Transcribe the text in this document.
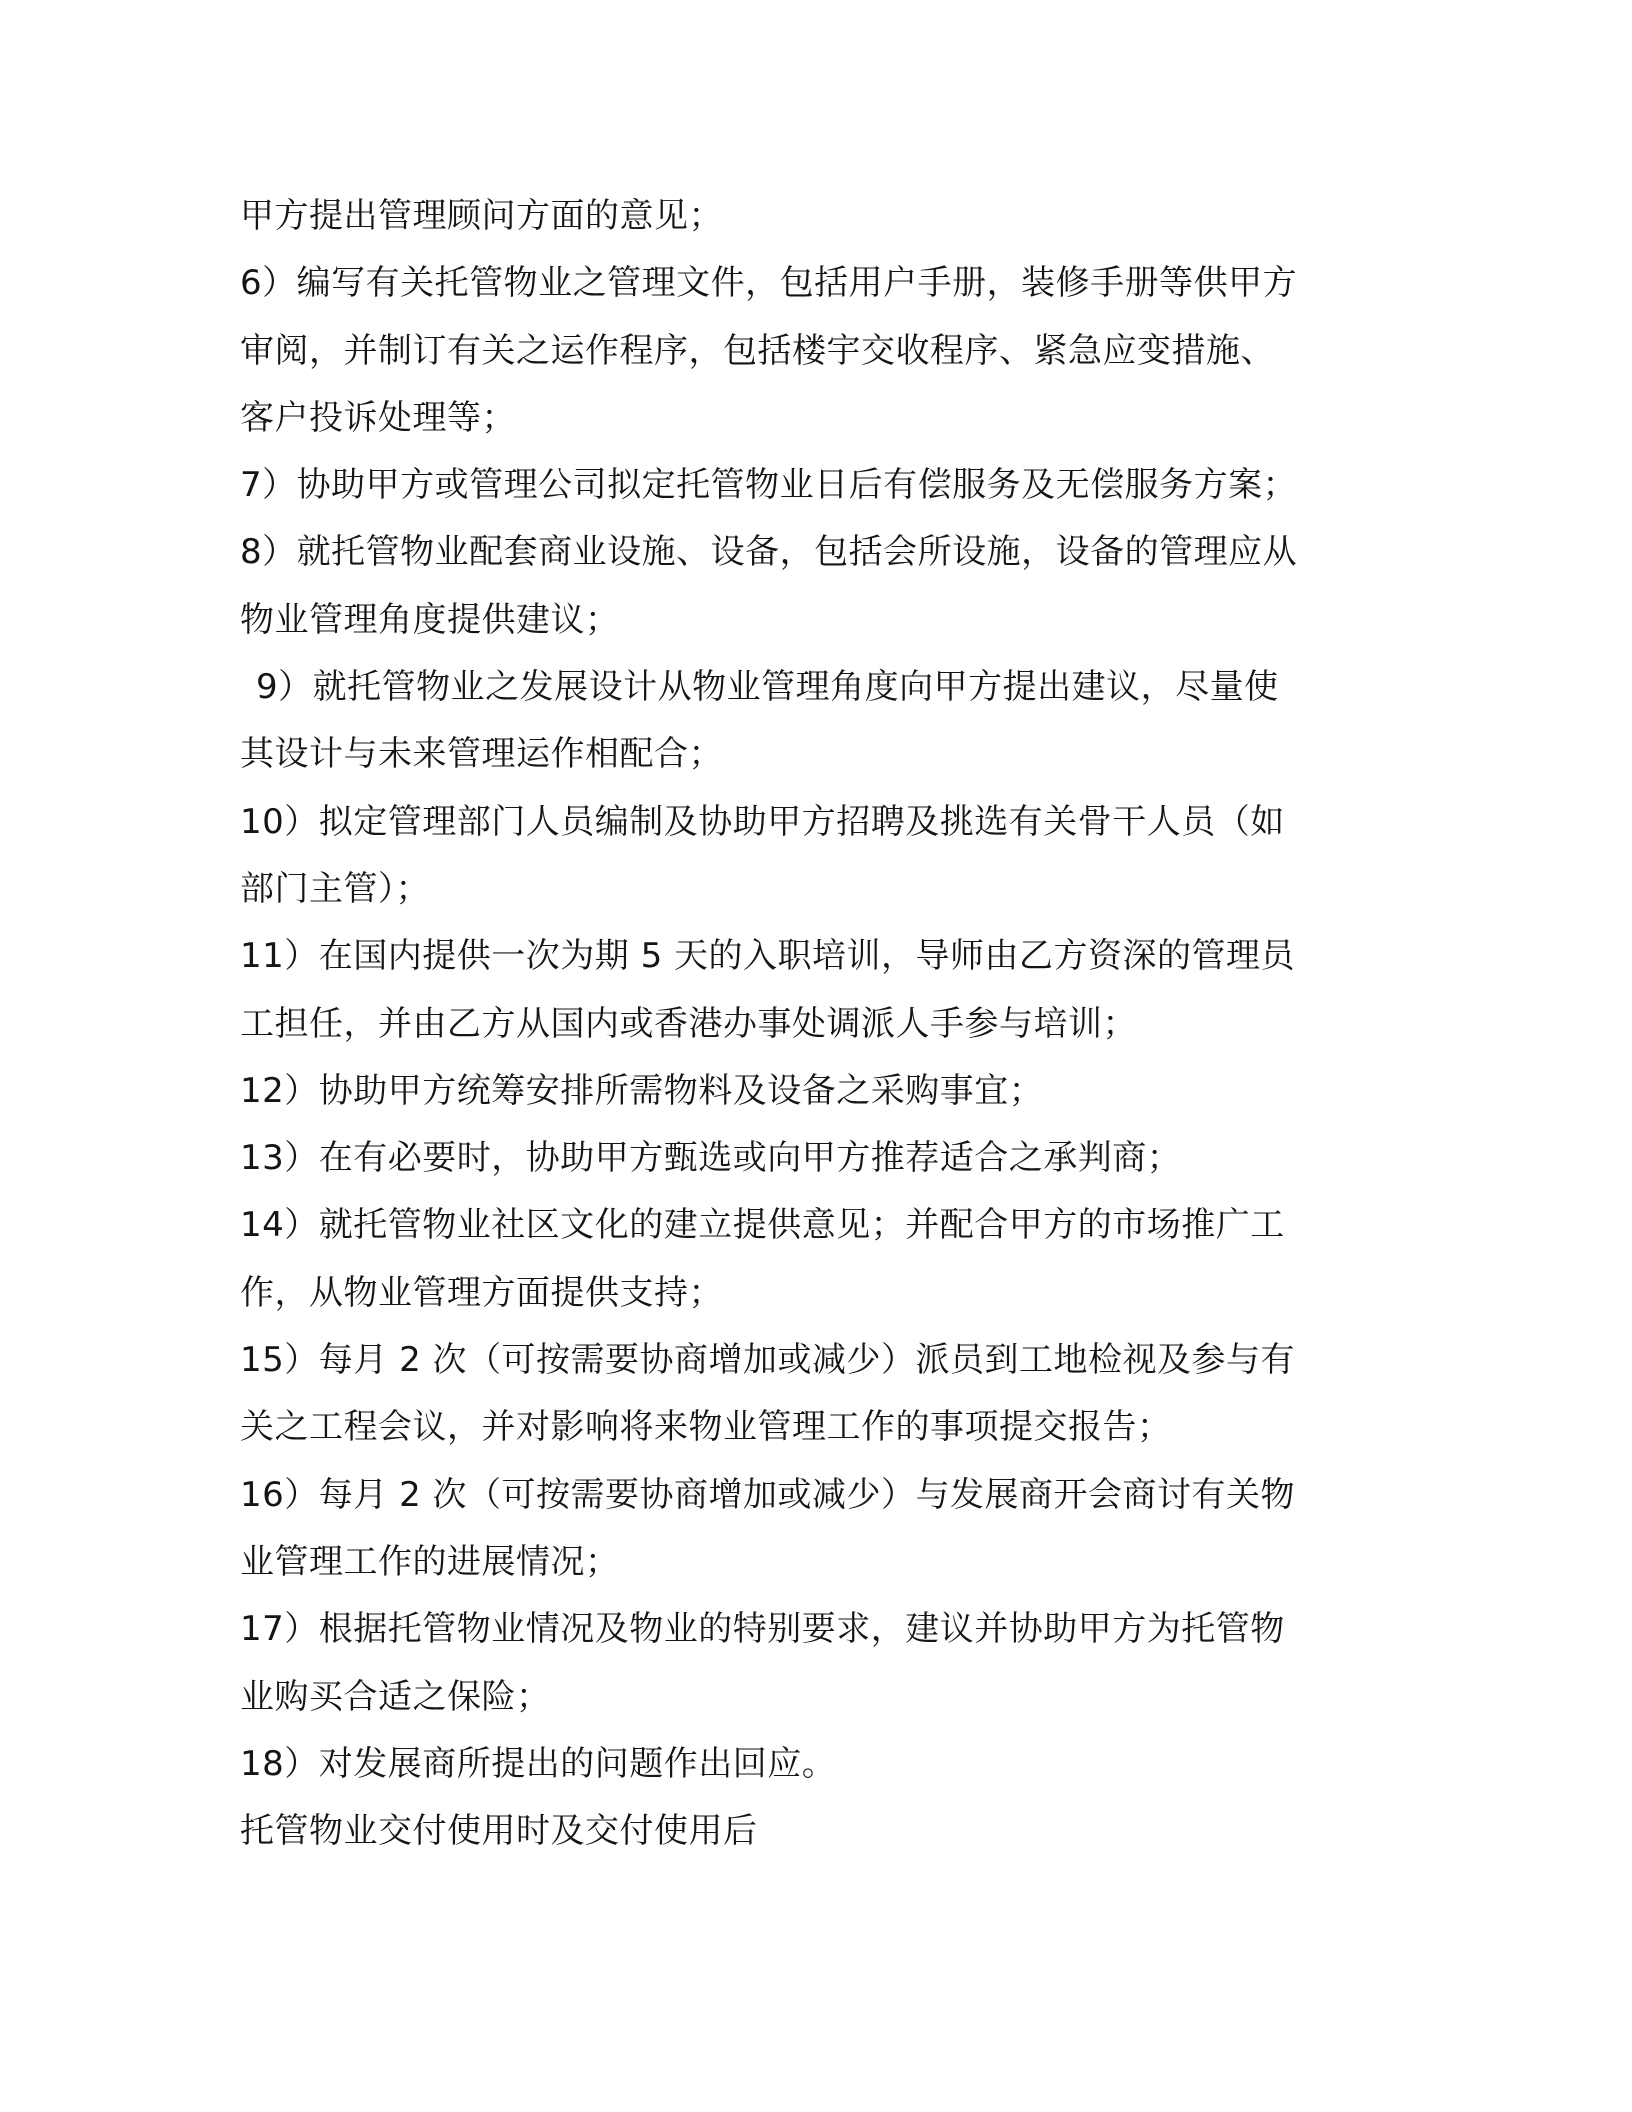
甲方提出管理顾问方面的意见；
6）编写有关托管物业之管理文件，包括用户手册，装修手册等供甲方
审阅，并制订有关之运作程序，包括楼宇交收程序、紧急应变措施、
客户投诉处理等；
7）协助甲方或管理公司拟定托管物业日后有偿服务及无偿服务方案；
8）就托管物业配套商业设施、设备，包括会所设施，设备的管理应从
物业管理角度提供建议；
9）就托管物业之发展设计从物业管理角度向甲方提出建议，尽量使
其设计与未来管理运作相配合；
10）拟定管理部门人员编制及协助甲方招聘及挑选有关骨干人员（如
部门主管）；
11）在国内提供一次为期 5 天的入职培训，导师由乙方资深的管理员
工担任，并由乙方从国内或香港办事处调派人手参与培训；
12）协助甲方统筹安排所需物料及设备之采购事宜；
13）在有必要时，协助甲方甄选或向甲方推荐适合之承判商；
14）就托管物业社区文化的建立提供意见；并配合甲方的市场推广工
作，从物业管理方面提供支持；
15）每月 2 次（可按需要协商增加或减少）派员到工地检视及参与有
关之工程会议，并对影响将来物业管理工作的事项提交报告；
16）每月 2 次（可按需要协商增加或减少）与发展商开会商讨有关物
业管理工作的进展情况；
17）根据托管物业情况及物业的特别要求，建议并协助甲方为托管物
业购买合适之保险；
18）对发展商所提出的问题作出回应。
托管物业交付使用时及交付使用后
